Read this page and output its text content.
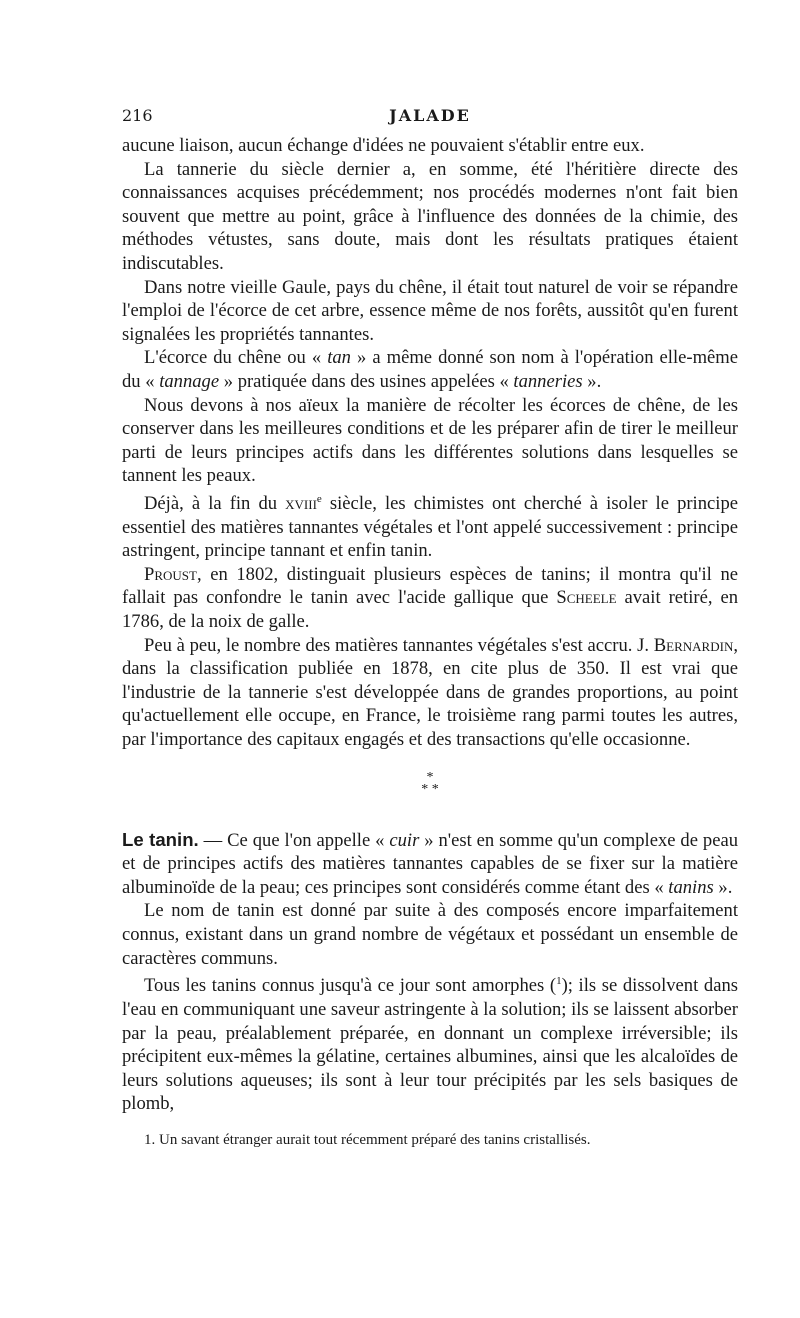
216	JALADE

aucune liaison, aucun échange d'idées ne pouvaient s'établir entre eux.

La tannerie du siècle dernier a, en somme, été l'héritière directe des connaissances acquises précédemment; nos procédés modernes n'ont fait bien souvent que mettre au point, grâce à l'influence des données de la chimie, des méthodes vétustes, sans doute, mais dont les résultats pratiques étaient indiscutables.

Dans notre vieille Gaule, pays du chêne, il était tout naturel de voir se répandre l'emploi de l'écorce de cet arbre, essence même de nos forêts, aussitôt qu'en furent signalées les propriétés tannantes.

L'écorce du chêne ou « tan » a même donné son nom à l'opération elle-même du « tannage » pratiquée dans des usines appelées « tanneries ».

Nous devons à nos aïeux la manière de récolter les écorces de chêne, de les conserver dans les meilleures conditions et de les préparer afin de tirer le meilleur parti de leurs principes actifs dans les différentes solutions dans lesquelles se tannent les peaux.

Déjà, à la fin du xviii$^e$ siècle, les chimistes ont cherché à isoler le principe essentiel des matières tannantes végétales et l'ont appelé successivement : principe astringent, principe tannant et enfin tanin.

Proust, en 1802, distinguait plusieurs espèces de tanins; il montra qu'il ne fallait pas confondre le tanin avec l'acide gallique que Scheele avait retiré, en 1786, de la noix de galle.

Peu à peu, le nombre des matières tannantes végétales s'est accru. J. Bernardin, dans la classification publiée en 1878, en cite plus de 350. Il est vrai que l'industrie de la tannerie s'est développée dans de grandes proportions, au point qu'actuellement elle occupe, en France, le troisième rang parmi toutes les autres, par l'importance des capitaux engagés et des transactions qu'elle occasionne.

*
* *

Le tanin. — Ce que l'on appelle « cuir » n'est en somme qu'un complexe de peau et de principes actifs des matières tannantes capables de se fixer sur la matière albuminoïde de la peau; ces principes sont considérés comme étant des « tanins ».

Le nom de tanin est donné par suite à des composés encore imparfaitement connus, existant dans un grand nombre de végétaux et possédant un ensemble de caractères communs.

Tous les tanins connus jusqu'à ce jour sont amorphes ($^1$); ils se dissolvent dans l'eau en communiquant une saveur astringente à la solution; ils se laissent absorber par la peau, préalablement préparée, en donnant un complexe irréversible; ils précipitent eux-mêmes la gélatine, certaines albumines, ainsi que les alcaloïdes de leurs solutions aqueuses; ils sont à leur tour précipités par les sels basiques de plomb,

1. Un savant étranger aurait tout récemment préparé des tanins cristallisés.
